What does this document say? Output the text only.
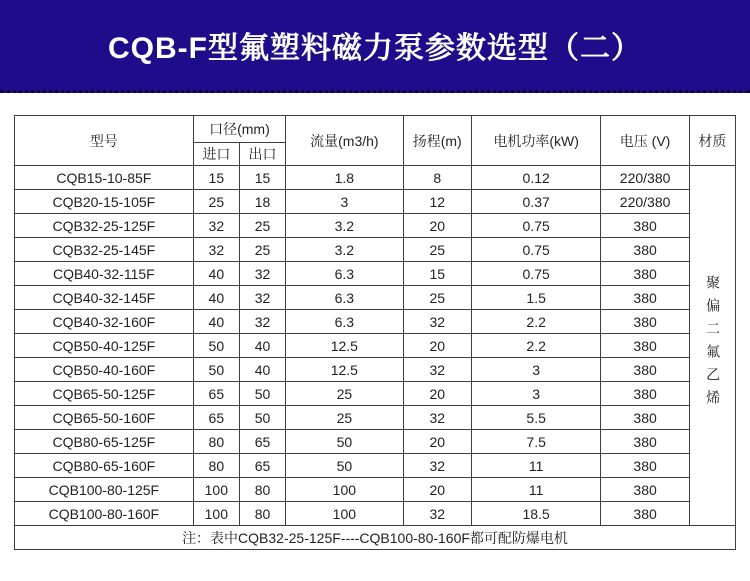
CQB-F型氟塑料磁力泵参数选型（二）
型号	口径(mm)		流量(m3/h)	扬程(m)	电机功率(kW)	电压 (V)	材质
	进口	出口					
CQB15-10-85F	15	15	1.8	8	0.12	220/380	聚偏二氟乙烯
CQB20-15-105F	25	18	3	12	0.37	220/380	
CQB32-25-125F	32	25	3.2	20	0.75	380	
CQB32-25-145F	32	25	3.2	25	0.75	380	
CQB40-32-115F	40	32	6.3	15	0.75	380	
CQB40-32-145F	40	32	6.3	25	1.5	380	
CQB40-32-160F	40	32	6.3	32	2.2	380	
CQB50-40-125F	50	40	12.5	20	2.2	380	
CQB50-40-160F	50	40	12.5	32	3	380	
CQB65-50-125F	65	50	25	20	3	380	
CQB65-50-160F	65	50	25	32	5.5	380	
CQB80-65-125F	80	65	50	20	7.5	380	
CQB80-65-160F	80	65	50	32	11	380	
CQB100-80-125F	100	80	100	20	11	380	
CQB100-80-160F	100	80	100	32	18.5	380	
注：表中CQB32-25-125F----CQB100-80-160F都可配防爆电机							
